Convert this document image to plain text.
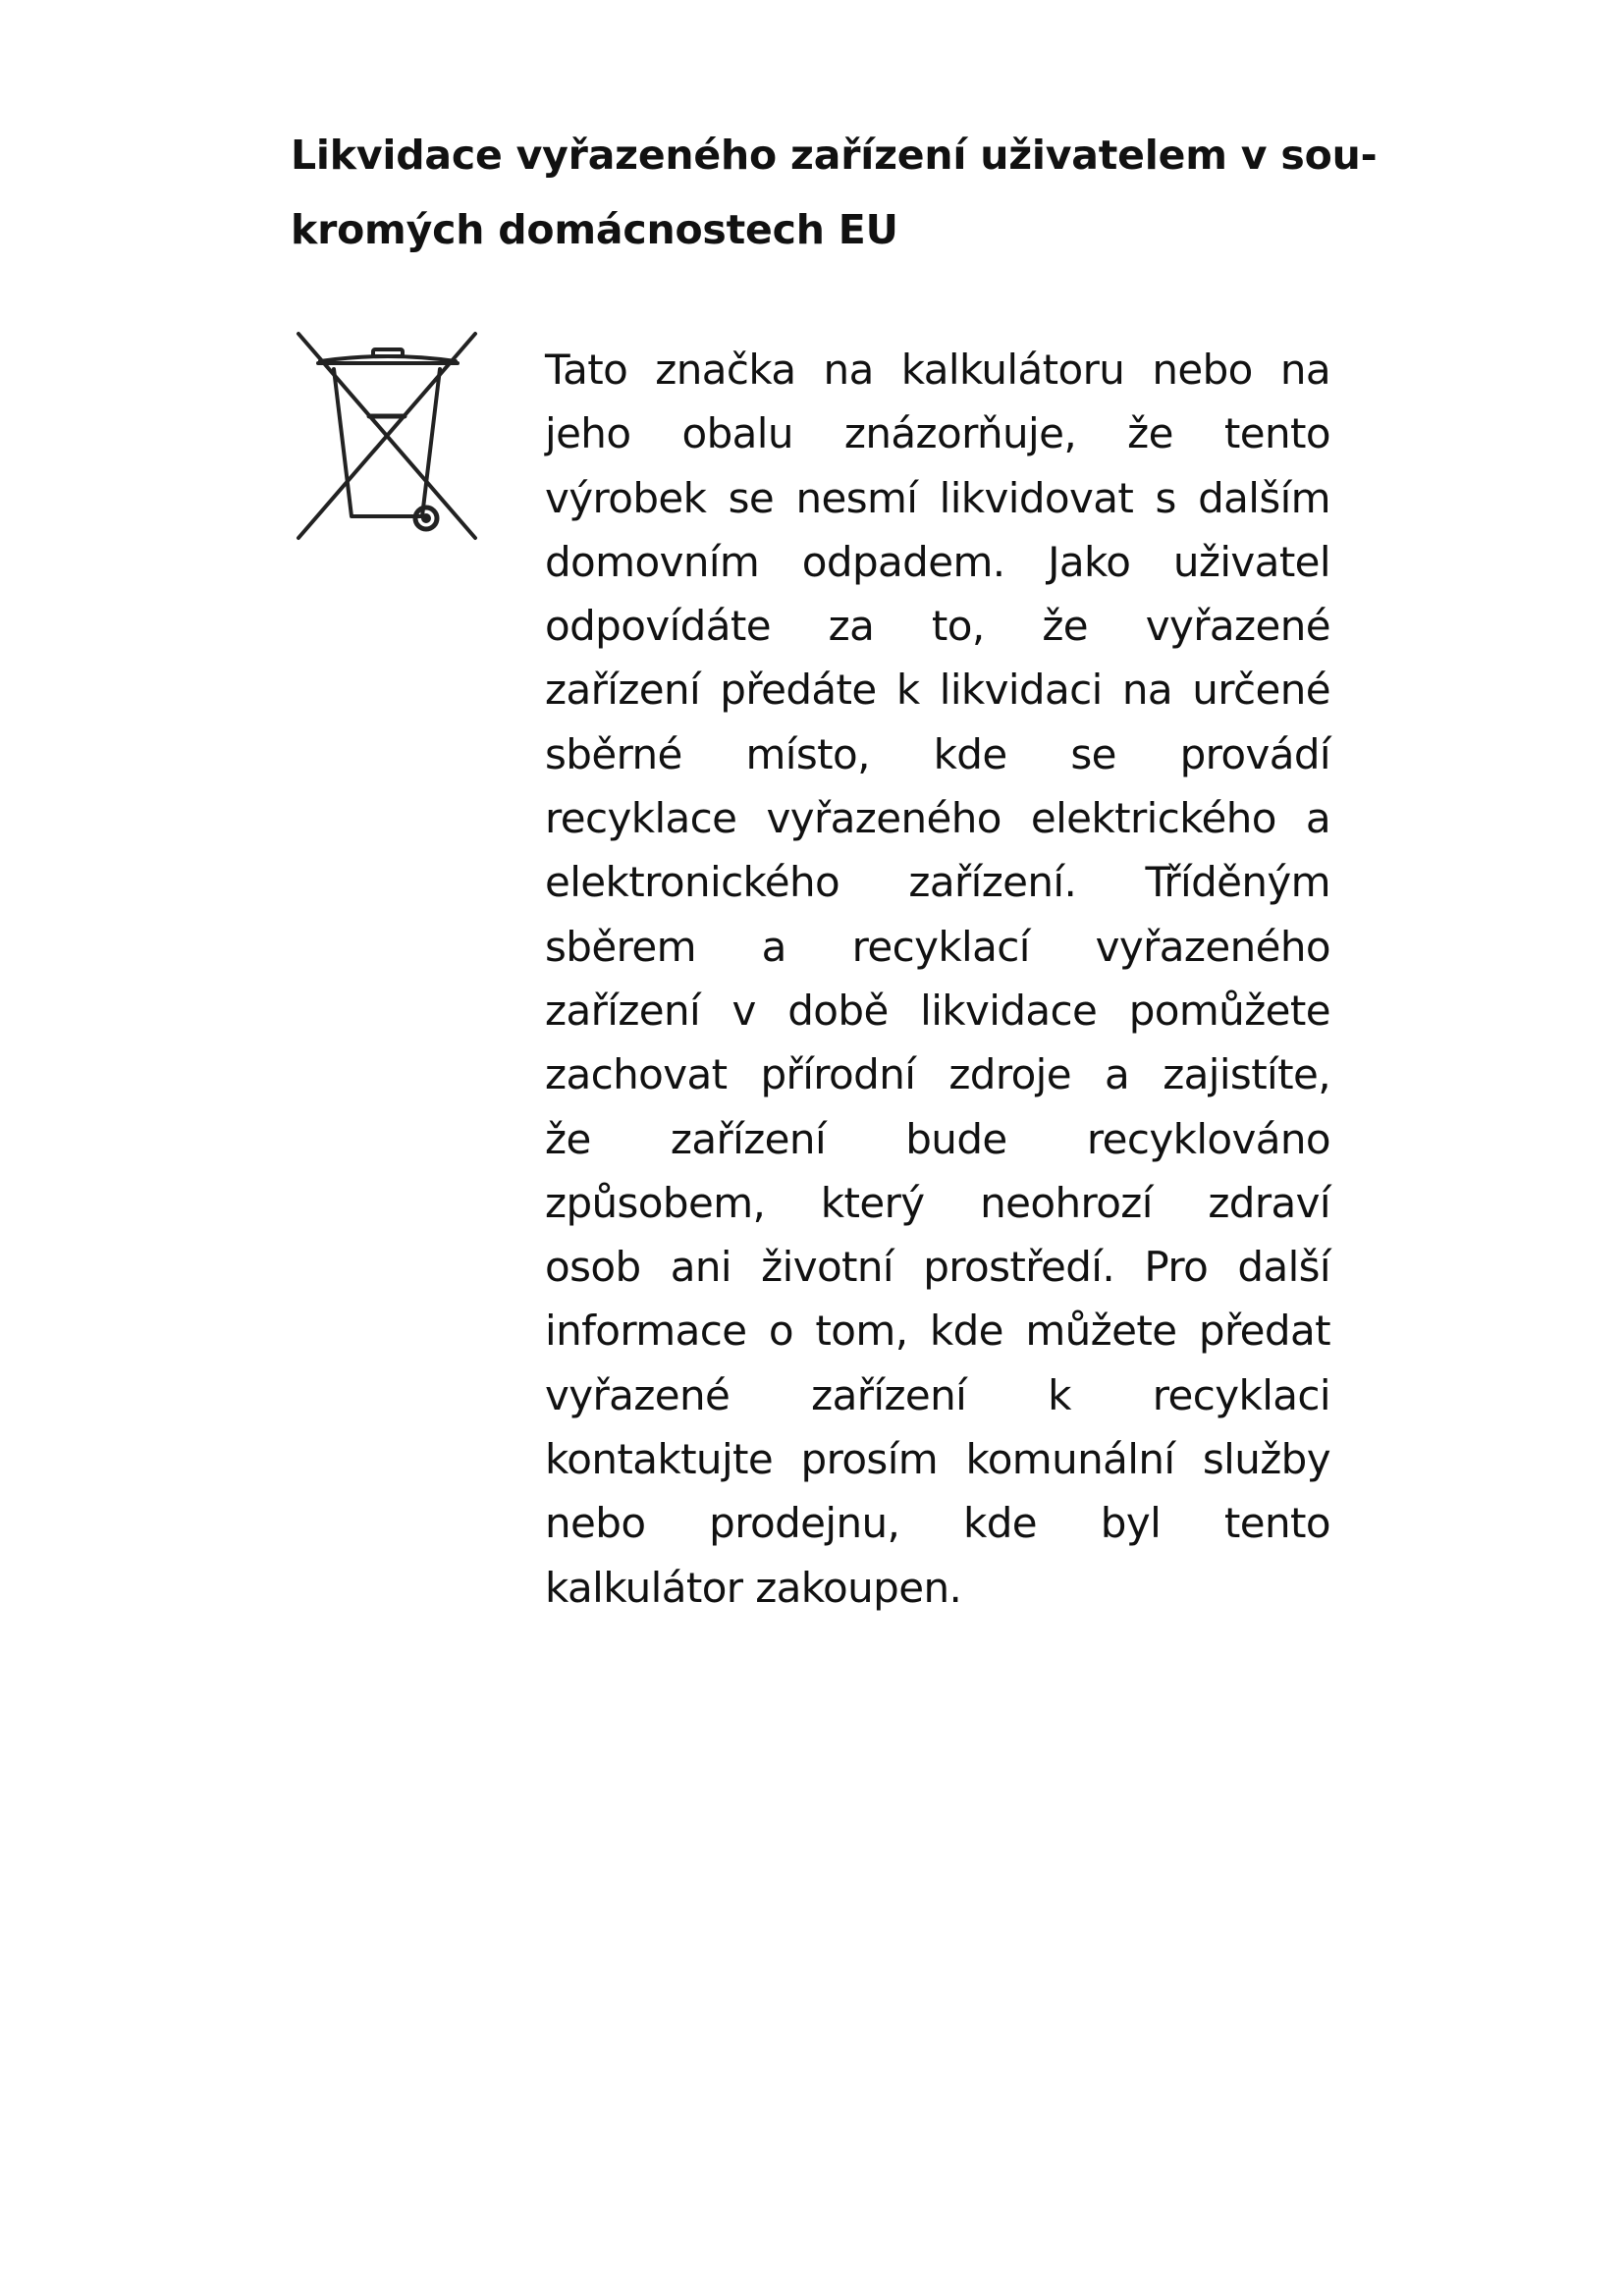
Likvidace vyřazeného zařízení uživatelem v sou-
kromých domácnostech EU

Tato značka na kalkulátoru nebo na
jeho obalu znázorňuje, že tento
výrobek se nesmí likvidovat s dalším
domovním odpadem. Jako uživatel
odpovídáte za to, že vyřazené
zařízení předáte k likvidaci na určené
sběrné místo, kde se provádí
recyklace vyřazeného elektrického a
elektronického zařízení. Tříděným
sběrem a recyklací vyřazeného
zařízení v době likvidace pomůžete
zachovat přírodní zdroje a zajistíte,
že zařízení bude recyklováno
způsobem, který neohrozí zdraví
osob ani životní prostředí. Pro další
informace o tom, kde můžete předat
vyřazené zařízení k recyklaci
kontaktujte prosím komunální služby
nebo prodejnu, kde byl tento
kalkulátor zakoupen.
